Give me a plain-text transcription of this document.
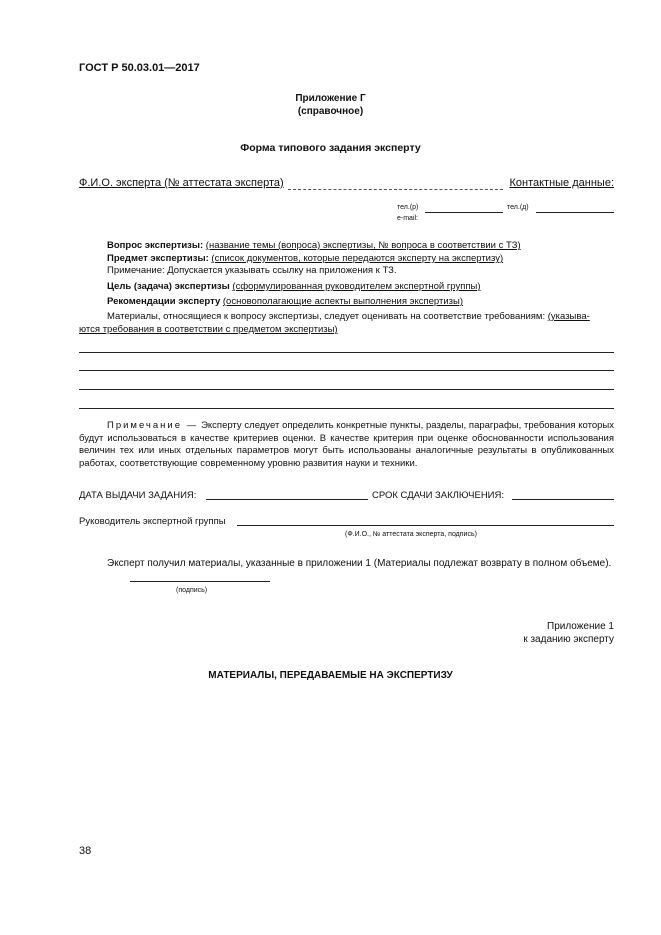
ГОСТ Р 50.03.01—2017
Приложение Г
(справочное)
Форма типового задания эксперту
Ф.И.О. эксперта (№ аттестата эксперта)	Контактные данные:
тел.(р)	тел.(д)
e-mail:
Вопрос экспертизы: (название темы (вопроса) экспертизы, № вопроса в соответствии с ТЗ)
Предмет экспертизы: (список документов, которые передаются эксперту на экспертизу)
Примечание: Допускается указывать ссылку на приложения к ТЗ.
Цель (задача) экспертизы (сформулированная руководителем экспертной группы)
Рекомендации эксперту (основополагающие аспекты выполнения экспертизы)
Материалы, относящиеся к вопросу экспертизы, следует оценивать на соответствие требованиям: (указыва-
ются требования в соответствии с предметом экспертизы)
Примечание — Эксперту следует определить конкретные пункты, разделы, параграфы, требования которых будут использоваться в качестве критериев оценки. В качестве критерия при оценке обоснованности использования величин тех или иных отдельных параметров могут быть использованы аналогичные результаты в опубликованных работах, соответствующие современному уровню развития науки и техники.
ДАТА ВЫДАЧИ ЗАДАНИЯ:	СРОК СДАЧИ ЗАКЛЮЧЕНИЯ:
Руководитель экспертной группы
(Ф.И.О., № аттестата эксперта, подпись)
Эксперт получил материалы, указанные в приложении 1 (Материалы подлежат возврату в полном объеме).
(подпись)
Приложение 1
к заданию эксперту
МАТЕРИАЛЫ, ПЕРЕДАВАЕМЫЕ НА ЭКСПЕРТИЗУ
38
